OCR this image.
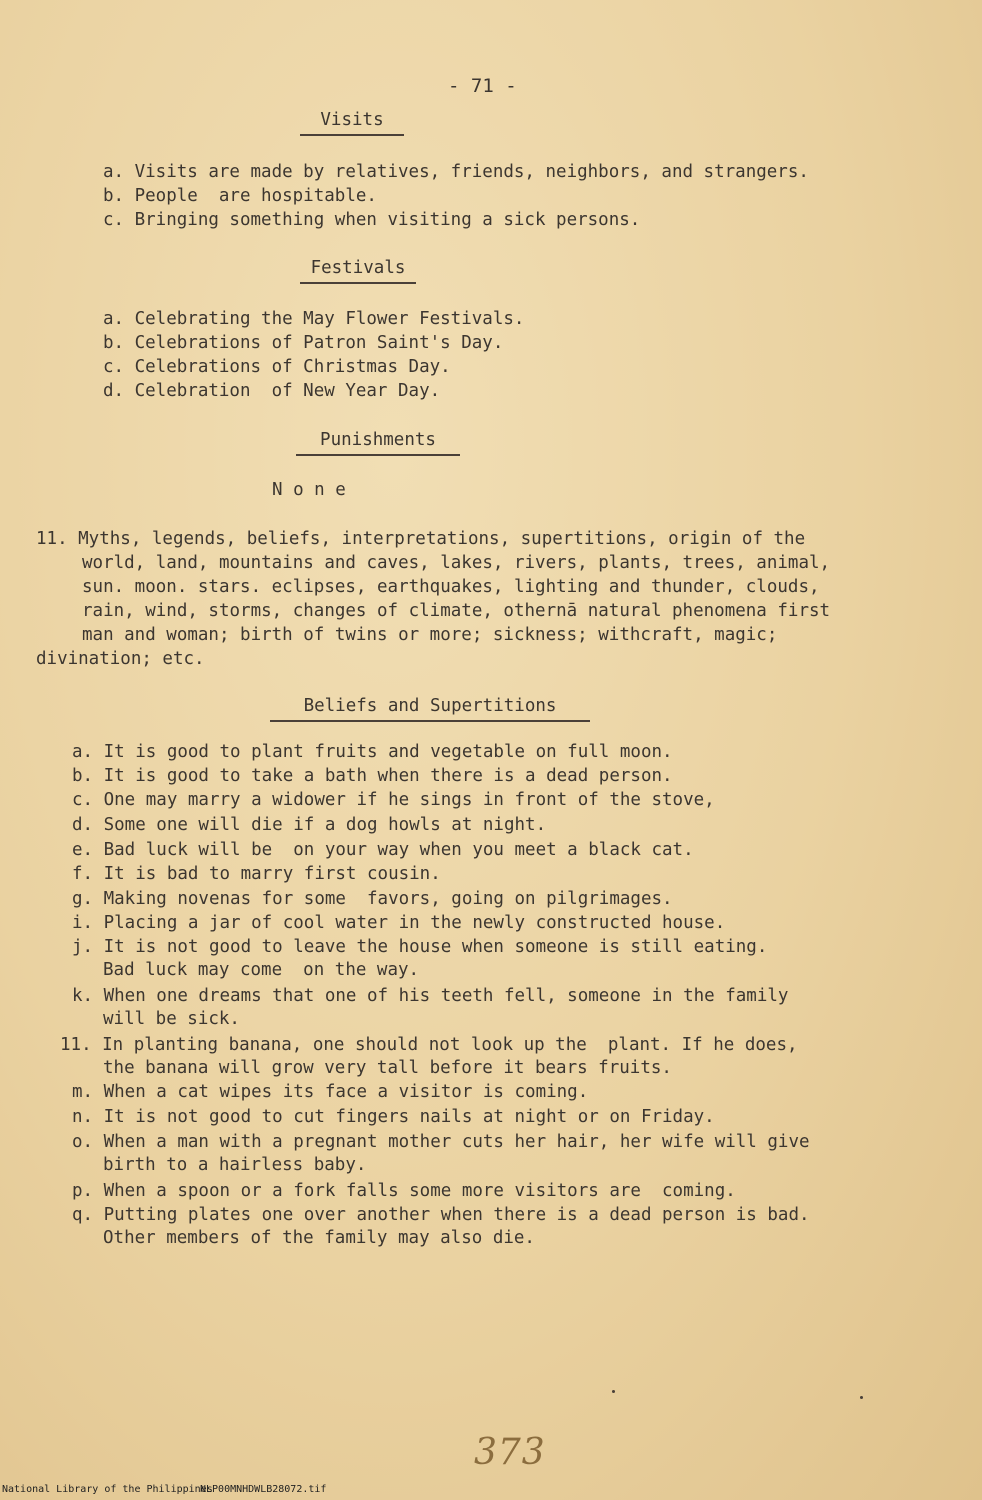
- 71 -
Visits
a. Visits are made by relatives, friends, neighbors, and strangers.
b. People  are hospitable.
c. Bringing something when visiting a sick persons.
Festivals
a. Celebrating the May Flower Festivals.
b. Celebrations of Patron Saint's Day.
c. Celebrations of Christmas Day.
d. Celebration  of New Year Day.
Punishments
N o n e
11. Myths, legends, beliefs, interpretations, supertitions, origin of the
world, land, mountains and caves, lakes, rivers, plants, trees, animal,
sun. moon. stars. eclipses, earthquakes, lighting and thunder, clouds,
rain, wind, storms, changes of climate, othernā natural phenomena first
man and woman; birth of twins or more; sickness; withcraft, magic;
divination; etc.
Beliefs and Supertitions
a. It is good to plant fruits and vegetable on full moon.
b. It is good to take a bath when there is a dead person.
c. One may marry a widower if he sings in front of the stove,
d. Some one will die if a dog howls at night.
e. Bad luck will be  on your way when you meet a black cat.
f. It is bad to marry first cousin.
g. Making novenas for some  favors, going on pilgrimages.
i. Placing a jar of cool water in the newly constructed house.
j. It is not good to leave the house when someone is still eating.
Bad luck may come  on the way.
k. When one dreams that one of his teeth fell, someone in the family
will be sick.
11. In planting banana, one should not look up the  plant. If he does,
the banana will grow very tall before it bears fruits.
m. When a cat wipes its face a visitor is coming.
n. It is not good to cut fingers nails at night or on Friday.
o. When a man with a pregnant mother cuts her hair, her wife will give
birth to a hairless baby.
p. When a spoon or a fork falls some more visitors are  coming.
q. Putting plates one over another when there is a dead person is bad.
Other members of the family may also die.
373
National Library of the Philippines
NLP00MNHDWLB28072.tif
